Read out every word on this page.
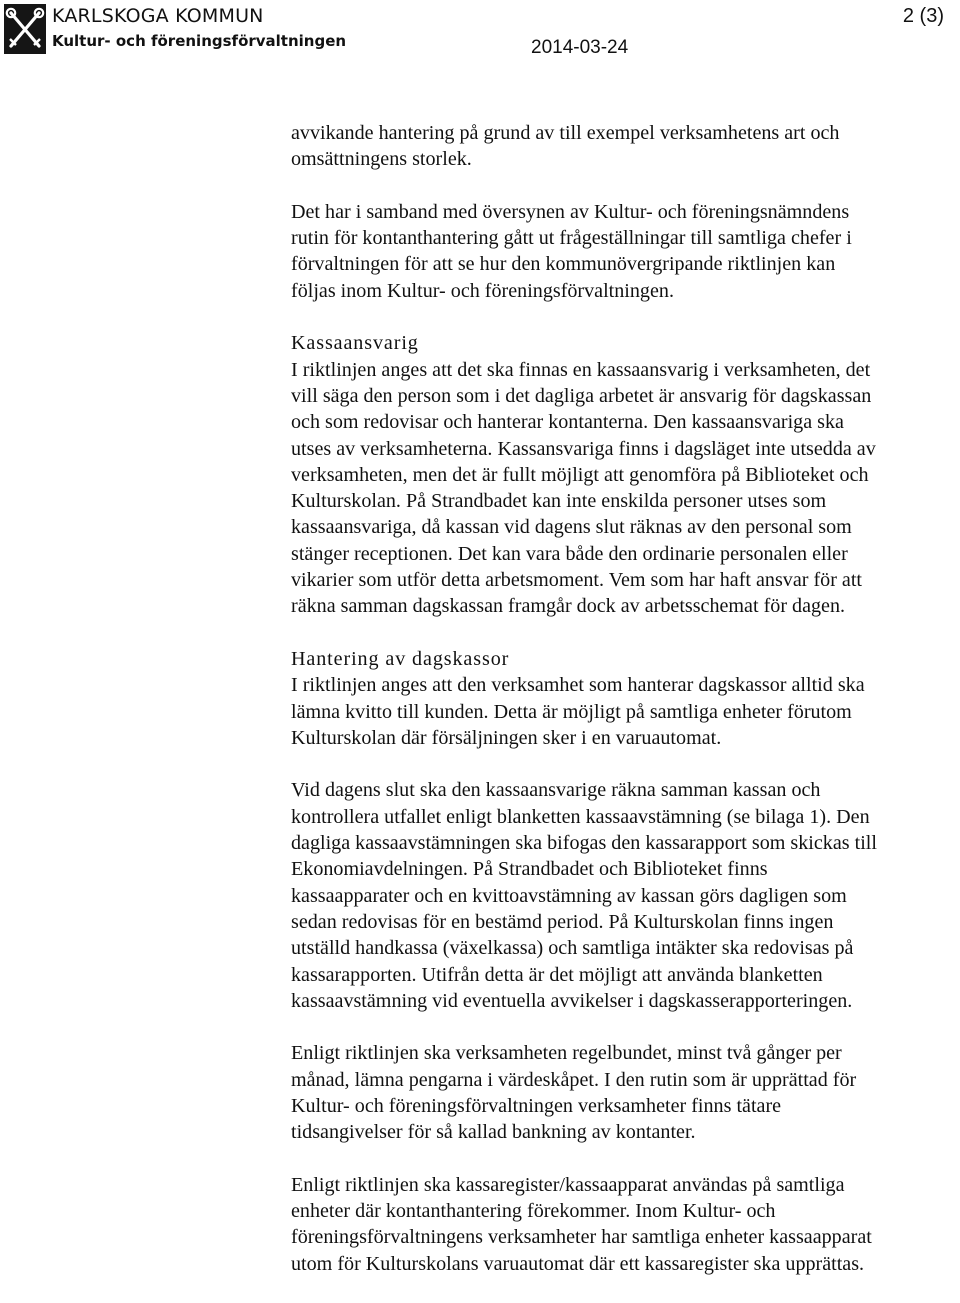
KARLSKOGA KOMMUN
Kultur- och föreningsförvaltningen
2 (3)
2014-03-24

avvikande hantering på grund av till exempel verksamhetens art och
omsättningens storlek.

Det har i samband med översynen av Kultur- och föreningsnämndens
rutin för kontanthantering gått ut frågeställningar till samtliga chefer i
förvaltningen för att se hur den kommunövergripande riktlinjen kan
följas inom Kultur- och föreningsförvaltningen.

Kassaansvarig
I riktlinjen anges att det ska finnas en kassaansvarig i verksamheten, det
vill säga den person som i det dagliga arbetet är ansvarig för dagskassan
och som redovisar och hanterar kontanterna. Den kassaansvariga ska
utses av verksamheterna. Kassansvariga finns i dagsläget inte utsedda av
verksamheten, men det är fullt möjligt att genomföra på Biblioteket och
Kulturskolan. På Strandbadet kan inte enskilda personer utses som
kassaansvariga, då kassan vid dagens slut räknas av den personal som
stänger receptionen. Det kan vara både den ordinarie personalen eller
vikarier som utför detta arbetsmoment. Vem som har haft ansvar för att
räkna samman dagskassan framgår dock av arbetsschemat för dagen.

Hantering av dagskassor
I riktlinjen anges att den verksamhet som hanterar dagskassor alltid ska
lämna kvitto till kunden. Detta är möjligt på samtliga enheter förutom
Kulturskolan där försäljningen sker i en varuautomat.

Vid dagens slut ska den kassaansvarige räkna samman kassan och
kontrollera utfallet enligt blanketten kassaavstämning (se bilaga 1). Den
dagliga kassaavstämningen ska bifogas den kassarapport som skickas till
Ekonomiavdelningen. På Strandbadet och Biblioteket finns
kassaapparater och en kvittoavstämning av kassan görs dagligen som
sedan redovisas för en bestämd period. På Kulturskolan finns ingen
utställd handkassa (växelkassa) och samtliga intäkter ska redovisas på
kassarapporten. Utifrån detta är det möjligt att använda blanketten
kassaavstämning vid eventuella avvikelser i dagskasserapporteringen.

Enligt riktlinjen ska verksamheten regelbundet, minst två gånger per
månad, lämna pengarna i värdeskåpet. I den rutin som är upprättad för
Kultur- och föreningsförvaltningen verksamheter finns tätare
tidsangivelser för så kallad bankning av kontanter.

Enligt riktlinjen ska kassaregister/kassaapparat användas på samtliga
enheter där kontanthantering förekommer. Inom Kultur- och
föreningsförvaltningens verksamheter har samtliga enheter kassaapparat
utom för Kulturskolans varuautomat där ett kassaregister ska upprättas.
